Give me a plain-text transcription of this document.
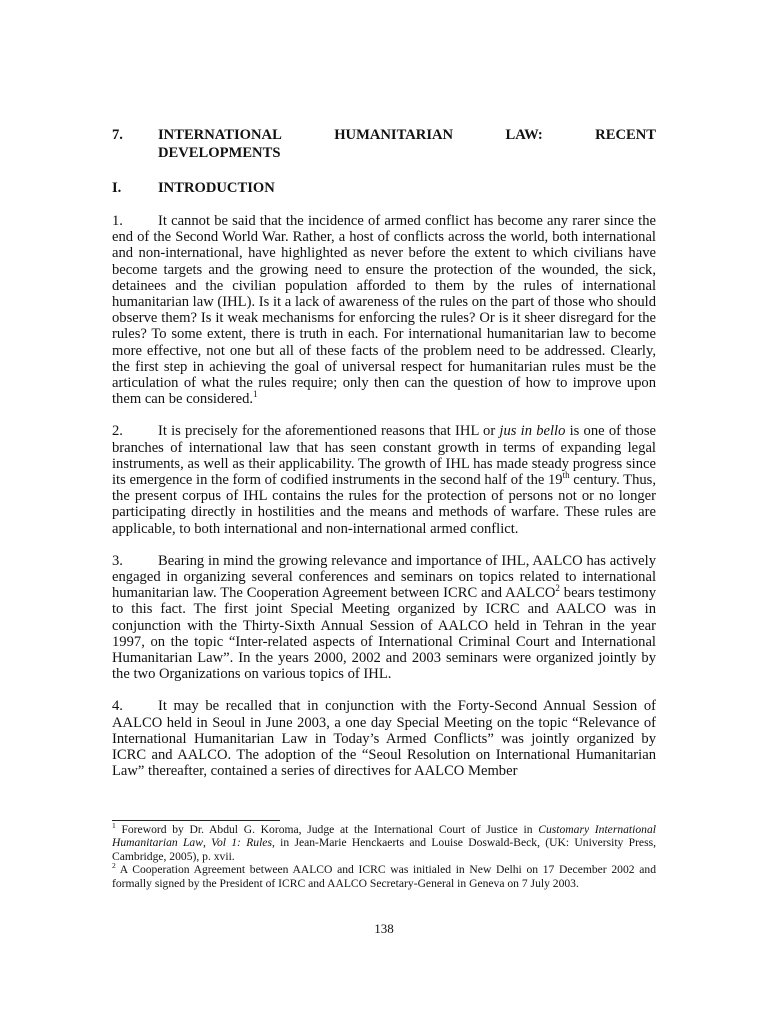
7.	INTERNATIONAL	HUMANITARIAN	LAW:	RECENT
DEVELOPMENTS
I.	INTRODUCTION

1. It cannot be said that the incidence of armed conflict has become any rarer since the end of the Second World War. Rather, a host of conflicts across the world, both international and non-international, have highlighted as never before the extent to which civilians have become targets and the growing need to ensure the protection of the wounded, the sick, detainees and the civilian population afforded to them by the rules of international humanitarian law (IHL). Is it a lack of awareness of the rules on the part of those who should observe them? Is it weak mechanisms for enforcing the rules? Or is it sheer disregard for the rules? To some extent, there is truth in each. For international humanitarian law to become more effective, not one but all of these facts of the problem need to be addressed. Clearly, the first step in achieving the goal of universal respect for humanitarian rules must be the articulation of what the rules require; only then can the question of how to improve upon them can be considered.$^1$

2. It is precisely for the aforementioned reasons that IHL or jus in bello is one of those branches of international law that has seen constant growth in terms of expanding legal instruments, as well as their applicability. The growth of IHL has made steady progress since its emergence in the form of codified instruments in the second half of the 19th century. Thus, the present corpus of IHL contains the rules for the protection of persons not or no longer participating directly in hostilities and the means and methods of warfare. These rules are applicable, to both international and non-international armed conflict.

3. Bearing in mind the growing relevance and importance of IHL, AALCO has actively engaged in organizing several conferences and seminars on topics related to international humanitarian law. The Cooperation Agreement between ICRC and AALCO$^2$ bears testimony to this fact. The first joint Special Meeting organized by ICRC and AALCO was in conjunction with the Thirty-Sixth Annual Session of AALCO held in Tehran in the year 1997, on the topic “Inter-related aspects of International Criminal Court and International Humanitarian Law”. In the years 2000, 2002 and 2003 seminars were organized jointly by the two Organizations on various topics of IHL.

4. It may be recalled that in conjunction with the Forty-Second Annual Session of AALCO held in Seoul in June 2003, a one day Special Meeting on the topic “Relevance of International Humanitarian Law in Today’s Armed Conflicts” was jointly organized by ICRC and AALCO. The adoption of the “Seoul Resolution on International Humanitarian Law” thereafter, contained a series of directives for AALCO Member

$^1$ Foreword by Dr. Abdul G. Koroma, Judge at the International Court of Justice in Customary International Humanitarian Law, Vol 1: Rules, in Jean-Marie Henckaerts and Louise Doswald-Beck, (UK: University Press, Cambridge, 2005), p. xvii.

$^2$ A Cooperation Agreement between AALCO and ICRC was initialed in New Delhi on 17 December 2002 and formally signed by the President of ICRC and AALCO Secretary-General in Geneva on 7 July 2003.

138
